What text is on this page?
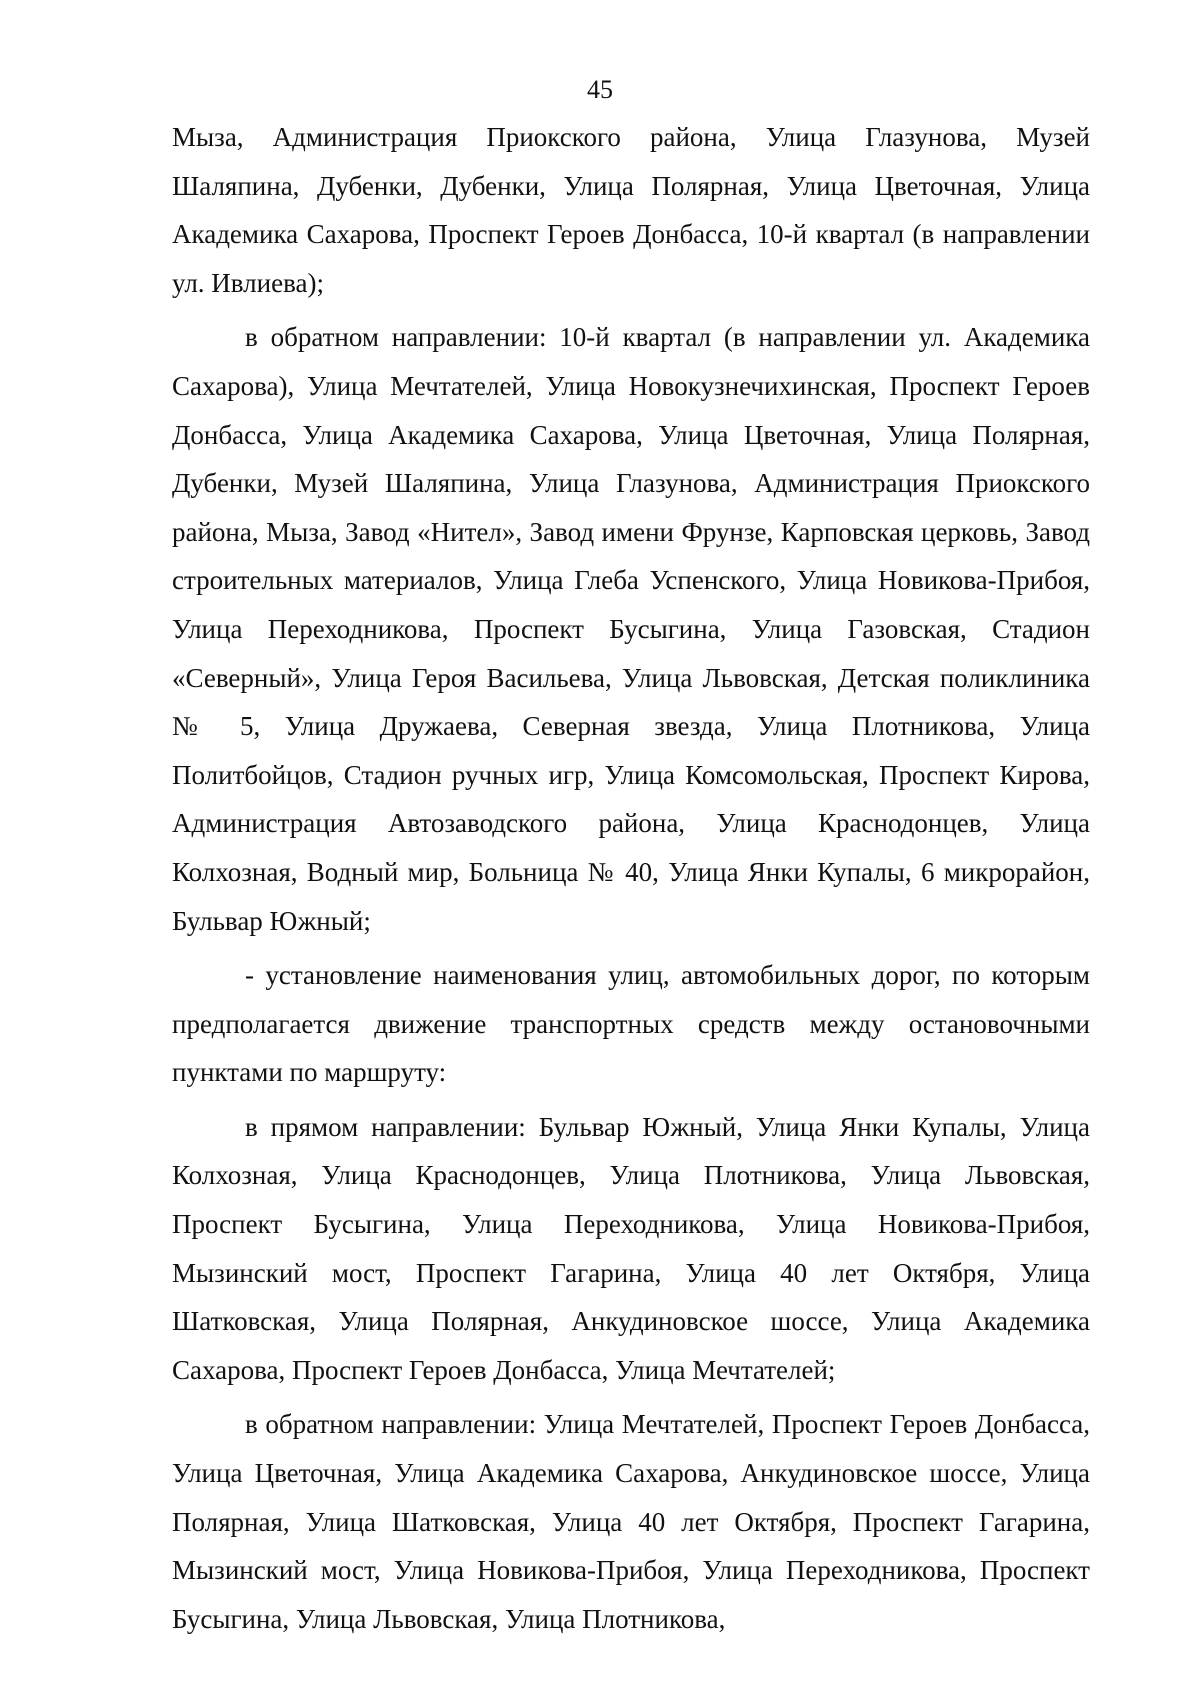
45

Мыза, Администрация Приокского района, Улица Глазунова, Музей Шаляпина, Дубенки, Дубенки, Улица Полярная, Улица Цветочная, Улица Академика Сахарова, Проспект Героев Донбасса, 10-й квартал (в направлении ул. Ивлиева);

в обратном направлении: 10-й квартал (в направлении ул. Академика Сахарова), Улица Мечтателей, Улица Новокузнечихинская, Проспект Героев Донбасса, Улица Академика Сахарова, Улица Цветочная, Улица Полярная, Дубенки, Музей Шаляпина, Улица Глазунова, Администрация Приокского района, Мыза, Завод «Нител», Завод имени Фрунзе, Карповская церковь, Завод строительных материалов, Улица Глеба Успенского, Улица Новикова-Прибоя, Улица Переходникова, Проспект Бусыгина, Улица Газовская, Стадион «Северный», Улица Героя Васильева, Улица Львовская, Детская поликлиника № 5, Улица Дружаева, Северная звезда, Улица Плотникова, Улица Политбойцов, Стадион ручных игр, Улица Комсомольская, Проспект Кирова, Администрация Автозаводского района, Улица Краснодонцев, Улица Колхозная, Водный мир, Больница № 40, Улица Янки Купалы, 6 микрорайон, Бульвар Южный;

- установление наименования улиц, автомобильных дорог, по которым предполагается движение транспортных средств между остановочными пунктами по маршруту:

в прямом направлении: Бульвар Южный, Улица Янки Купалы, Улица Колхозная, Улица Краснодонцев, Улица Плотникова, Улица Львовская, Проспект Бусыгина, Улица Переходникова, Улица Новикова-Прибоя, Мызинский мост, Проспект Гагарина, Улица 40 лет Октября, Улица Шатковская, Улица Полярная, Анкудиновское шоссе, Улица Академика Сахарова, Проспект Героев Донбасса, Улица Мечтателей;

в обратном направлении: Улица Мечтателей, Проспект Героев Донбасса, Улица Цветочная, Улица Академика Сахарова, Анкудиновское шоссе, Улица Полярная, Улица Шатковская, Улица 40 лет Октября, Проспект Гагарина, Мызинский мост, Улица Новикова-Прибоя, Улица Переходникова, Проспект Бусыгина, Улица Львовская, Улица Плотникова,
